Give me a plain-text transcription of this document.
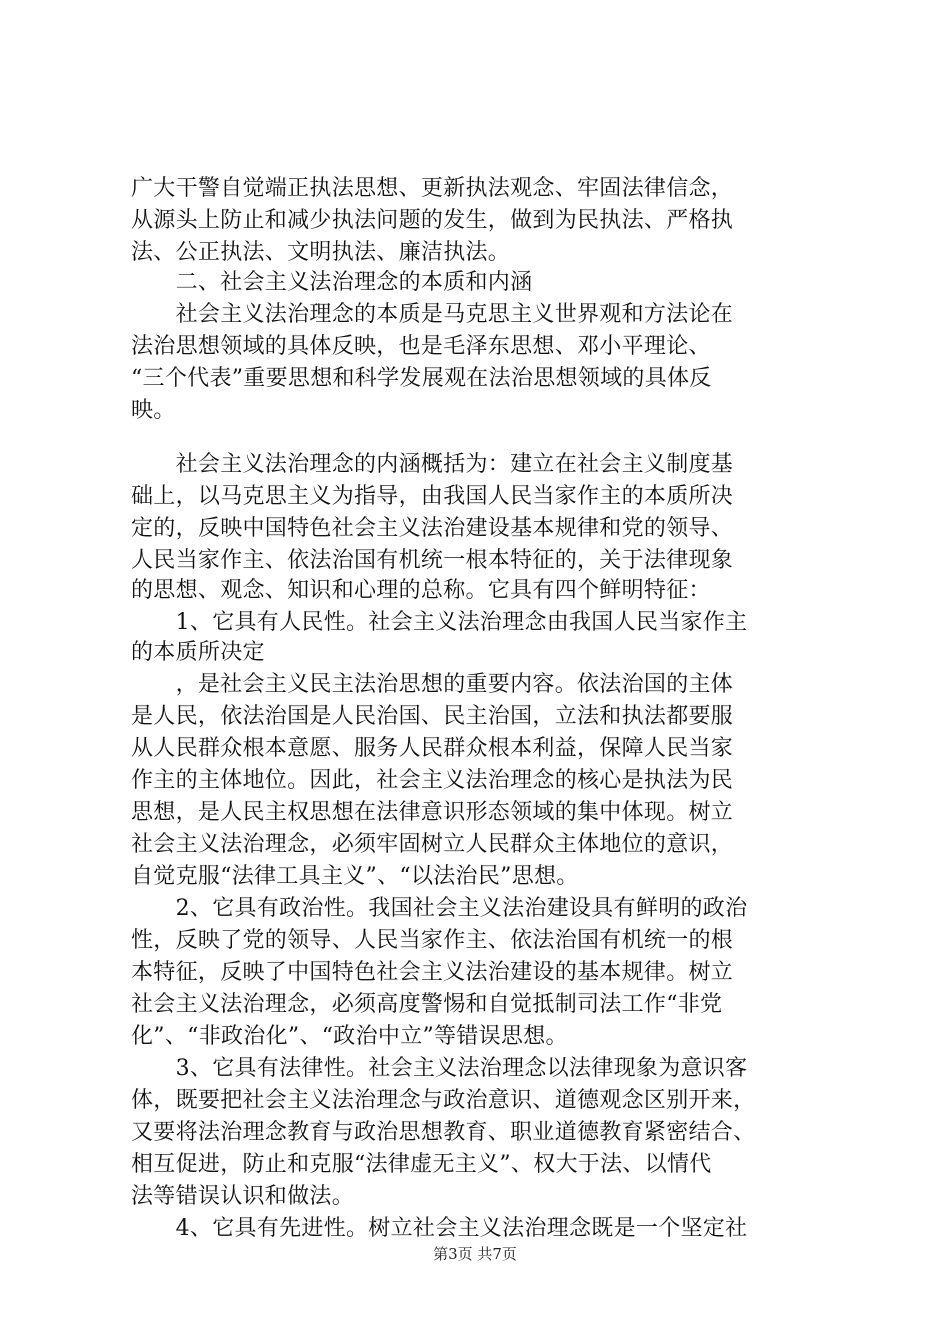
广大干警自觉端正执法思想、更新执法观念、牢固法律信念，
从源头上防止和减少执法问题的发生，做到为民执法、严格执
法、公正执法、文明执法、廉洁执法。
　　二、社会主义法治理念的本质和内涵
　　社会主义法治理念的本质是马克思主义世界观和方法论在
法治思想领域的具体反映，也是毛泽东思想、邓小平理论、
“三个代表”重要思想和科学发展观在法治思想领域的具体反
映。
　　社会主义法治理念的内涵概括为：建立在社会主义制度基
础上，以马克思主义为指导，由我国人民当家作主的本质所决
定的，反映中国特色社会主义法治建设基本规律和党的领导、
人民当家作主、依法治国有机统一根本特征的，关于法律现象
的思想、观念、知识和心理的总称。它具有四个鲜明特征：
　　1、它具有人民性。社会主义法治理念由我国人民当家作主
的本质所决定
　　，是社会主义民主法治思想的重要内容。依法治国的主体
是人民，依法治国是人民治国、民主治国，立法和执法都要服
从人民群众根本意愿、服务人民群众根本利益，保障人民当家
作主的主体地位。因此，社会主义法治理念的核心是执法为民
思想，是人民主权思想在法律意识形态领域的集中体现。树立
社会主义法治理念，必须牢固树立人民群众主体地位的意识，
自觉克服“法律工具主义”、“以法治民”思想。
　　2、它具有政治性。我国社会主义法治建设具有鲜明的政治
性，反映了党的领导、人民当家作主、依法治国有机统一的根
本特征，反映了中国特色社会主义法治建设的基本规律。树立
社会主义法治理念，必须高度警惕和自觉抵制司法工作“非党
化”、“非政治化”、“政治中立”等错误思想。
　　3、它具有法律性。社会主义法治理念以法律现象为意识客
体，既要把社会主义法治理念与政治意识、道德观念区别开来，
又要将法治理念教育与政治思想教育、职业道德教育紧密结合、
相互促进，防止和克服“法律虚无主义”、权大于法、以情代
法等错误认识和做法。
　　4、它具有先进性。树立社会主义法治理念既是一个坚定社
第3页 共7页
